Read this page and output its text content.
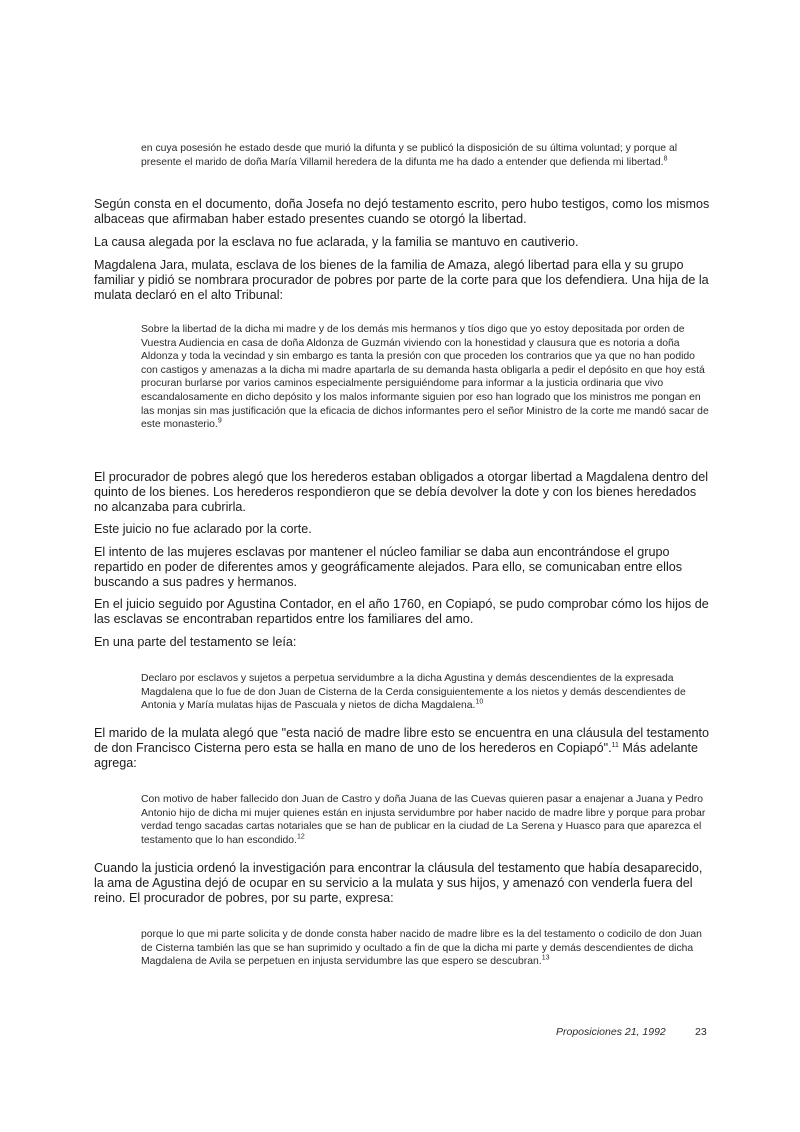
en cuya posesión he estado desde que murió la difunta y se publicó la disposición de su última voluntad; y porque al presente el marido de doña María Villamil heredera de la difunta me ha dado a entender que defienda mi libertad.$^8$

Según consta en el documento, doña Josefa no dejó testamento escrito, pero hubo testigos, como los mismos albaceas que afirmaban haber estado presentes cuando se otorgó la libertad.

La causa alegada por la esclava no fue aclarada, y la familia se mantuvo en cautiverio.

Magdalena Jara, mulata, esclava de los bienes de la familia de Amaza, alegó libertad para ella y su grupo familiar y pidió se nombrara procurador de pobres por parte de la corte para que los defendiera. Una hija de la mulata declaró en el alto Tribunal:

Sobre la libertad de la dicha mi madre y de los demás mis hermanos y tíos digo que yo estoy depositada por orden de Vuestra Audiencia en casa de doña Aldonza de Guzmán viviendo con la honestidad y clausura que es notoria a doña Aldonza y toda la vecindad y sin embargo es tanta la presión con que proceden los contrarios que ya que no han podido con castigos y amenazas a la dicha mi madre apartarla de su demanda hasta obligarla a pedir el depósito en que hoy está procuran burlarse por varios caminos especialmente persiguiéndome para informar a la justicia ordinaria que vivo escandalosamente en dicho depósito y los malos informante siguien por eso han logrado que los ministros me pongan en las monjas sin mas justificación que la eficacia de dichos informantes pero el señor Ministro de la corte me mandó sacar de este monasterio.$^9$

El procurador de pobres alegó que los herederos estaban obligados a otorgar libertad a Magdalena dentro del quinto de los bienes. Los herederos respondieron que se debía devolver la dote y con los bienes heredados no alcanzaba para cubrirla.

Este juicio no fue aclarado por la corte.

El intento de las mujeres esclavas por mantener el núcleo familiar se daba aun encontrándose el grupo repartido en poder de diferentes amos y geográficamente alejados. Para ello, se comunicaban entre ellos buscando a sus padres y hermanos.

En el juicio seguido por Agustina Contador, en el año 1760, en Copiapó, se pudo comprobar cómo los hijos de las esclavas se encontraban repartidos entre los familiares del amo.

En una parte del testamento se leía:

Declaro por esclavos y sujetos a perpetua servidumbre a la dicha Agustina y demás descendientes de la expresada Magdalena que lo fue de don Juan de Cisterna de la Cerda consiguientemente a los nietos y demás descendientes de Antonia y María mulatas hijas de Pascuala y nietos de dicha Magdalena.$^{10}$

El marido de la mulata alegó que "esta nació de madre libre esto se encuentra en una cláusula del testamento de don Francisco Cisterna pero esta se halla en mano de uno de los herederos en Copiapó".$^{11}$ Más adelante agrega:

Con motivo de haber fallecido don Juan de Castro y doña Juana de las Cuevas quieren pasar a enajenar a Juana y Pedro Antonio hijo de dicha mi mujer quienes están en injusta servidumbre por haber nacido de madre libre y porque para probar verdad tengo sacadas cartas notariales que se han de publicar en la ciudad de La Serena y Huasco para que aparezca el testamento que lo han escondido.$^{12}$

Cuando la justicia ordenó la investigación para encontrar la cláusula del testamento que había desaparecido, la ama de Agustina dejó de ocupar en su servicio a la mulata y sus hijos, y amenazó con venderla fuera del reino. El procurador de pobres, por su parte, expresa:

porque lo que mi parte solicita y de donde consta haber nacido de madre libre es la del testamento o codicilo de don Juan de Cisterna también las que se han suprimido y ocultado a fin de que la dicha mi parte y demás descendientes de dicha Magdalena de Avila se perpetuen en injusta servidumbre las que espero se descubran.$^{13}$

Proposiciones 21, 1992	23
